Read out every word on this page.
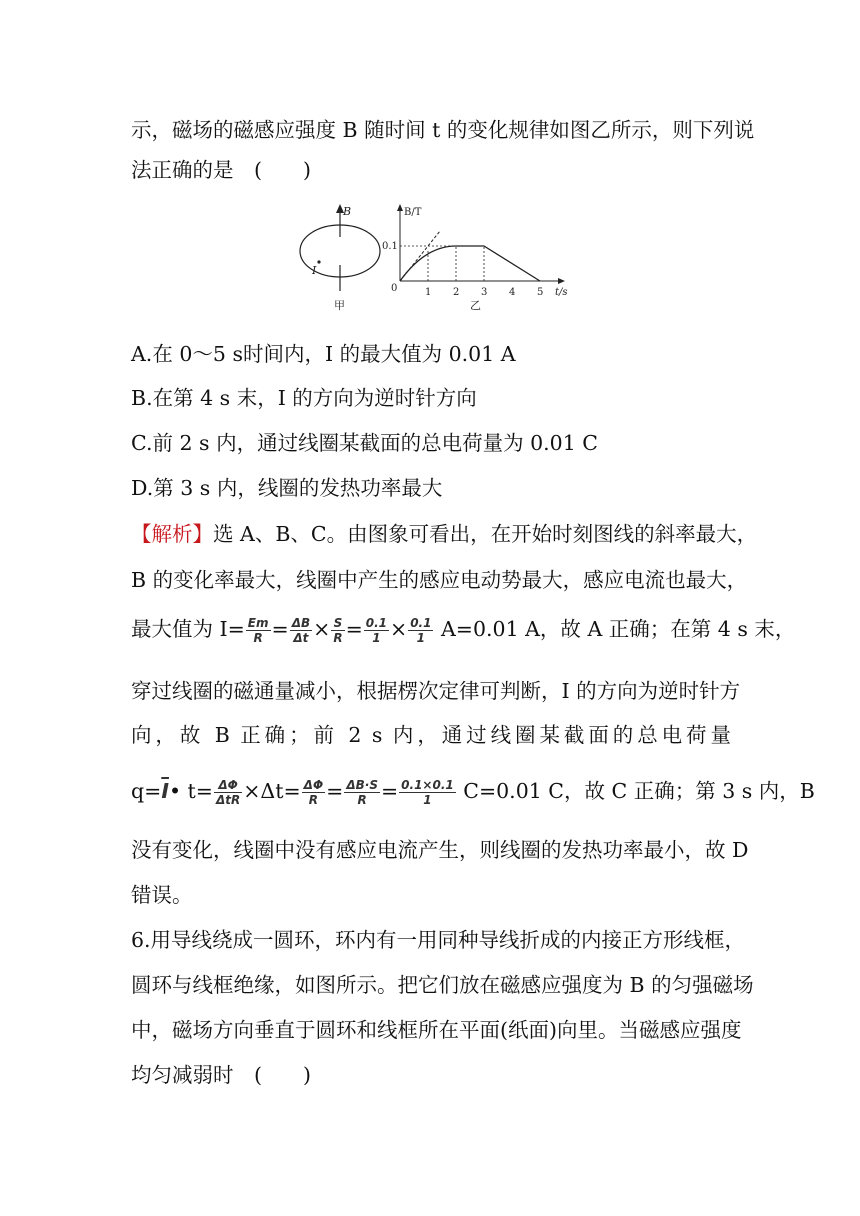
示，磁场的磁感应强度 B 随时间 t 的变化规律如图乙所示，则下列说
法正确的是　(　　)
B
I
甲
B/T
t/s
0
0.1
1 2 3 4 5
乙
A.在 0～5 s时间内，I 的最大值为 0.01 A
B.在第 4 s 末，I 的方向为逆时针方向
C.前 2 s 内，通过线圈某截面的总电荷量为 0.01 C
D.第 3 s 内，线圈的发热功率最大
【解析】选 A、B、C。由图象可看出，在开始时刻图线的斜率最大，
B 的变化率最大，线圈中产生的感应电动势最大，感应电流也最大，
最大值为 $I= \frac{Em}{R} = \frac{\Delta B}{\Delta t} \times \frac{S}{R} = \frac{0.1}{1} \times \frac{0.1}{1} A=0.01$ A，故 A 正确；在第 4 s 末，
穿过线圈的磁通量减小，根据楞次定律可判断，I 的方向为逆时针方
向，故 B 正确；前 2 s 内，通过线圈某截面的总电荷量
$q=\overline{I}•$ $t= \frac{\Delta\Phi}{\text{ΔtR}} \times\Delta t= \frac{\Delta\Phi}{R} = \frac{\Delta B\cdot S}{R} = \frac{0.1\times 0.1}{1} C=0.01$ C，故 C 正确；第 3 s 内，B
没有变化，线圈中没有感应电流产生，则线圈的发热功率最小，故 D
错误。
6.用导线绕成一圆环，环内有一用同种导线折成的内接正方形线框，
圆环与线框绝缘，如图所示。把它们放在磁感应强度为 B 的匀强磁场
中，磁场方向垂直于圆环和线框所在平面(纸面)向里。当磁感应强度
均匀减弱时　(　　)
